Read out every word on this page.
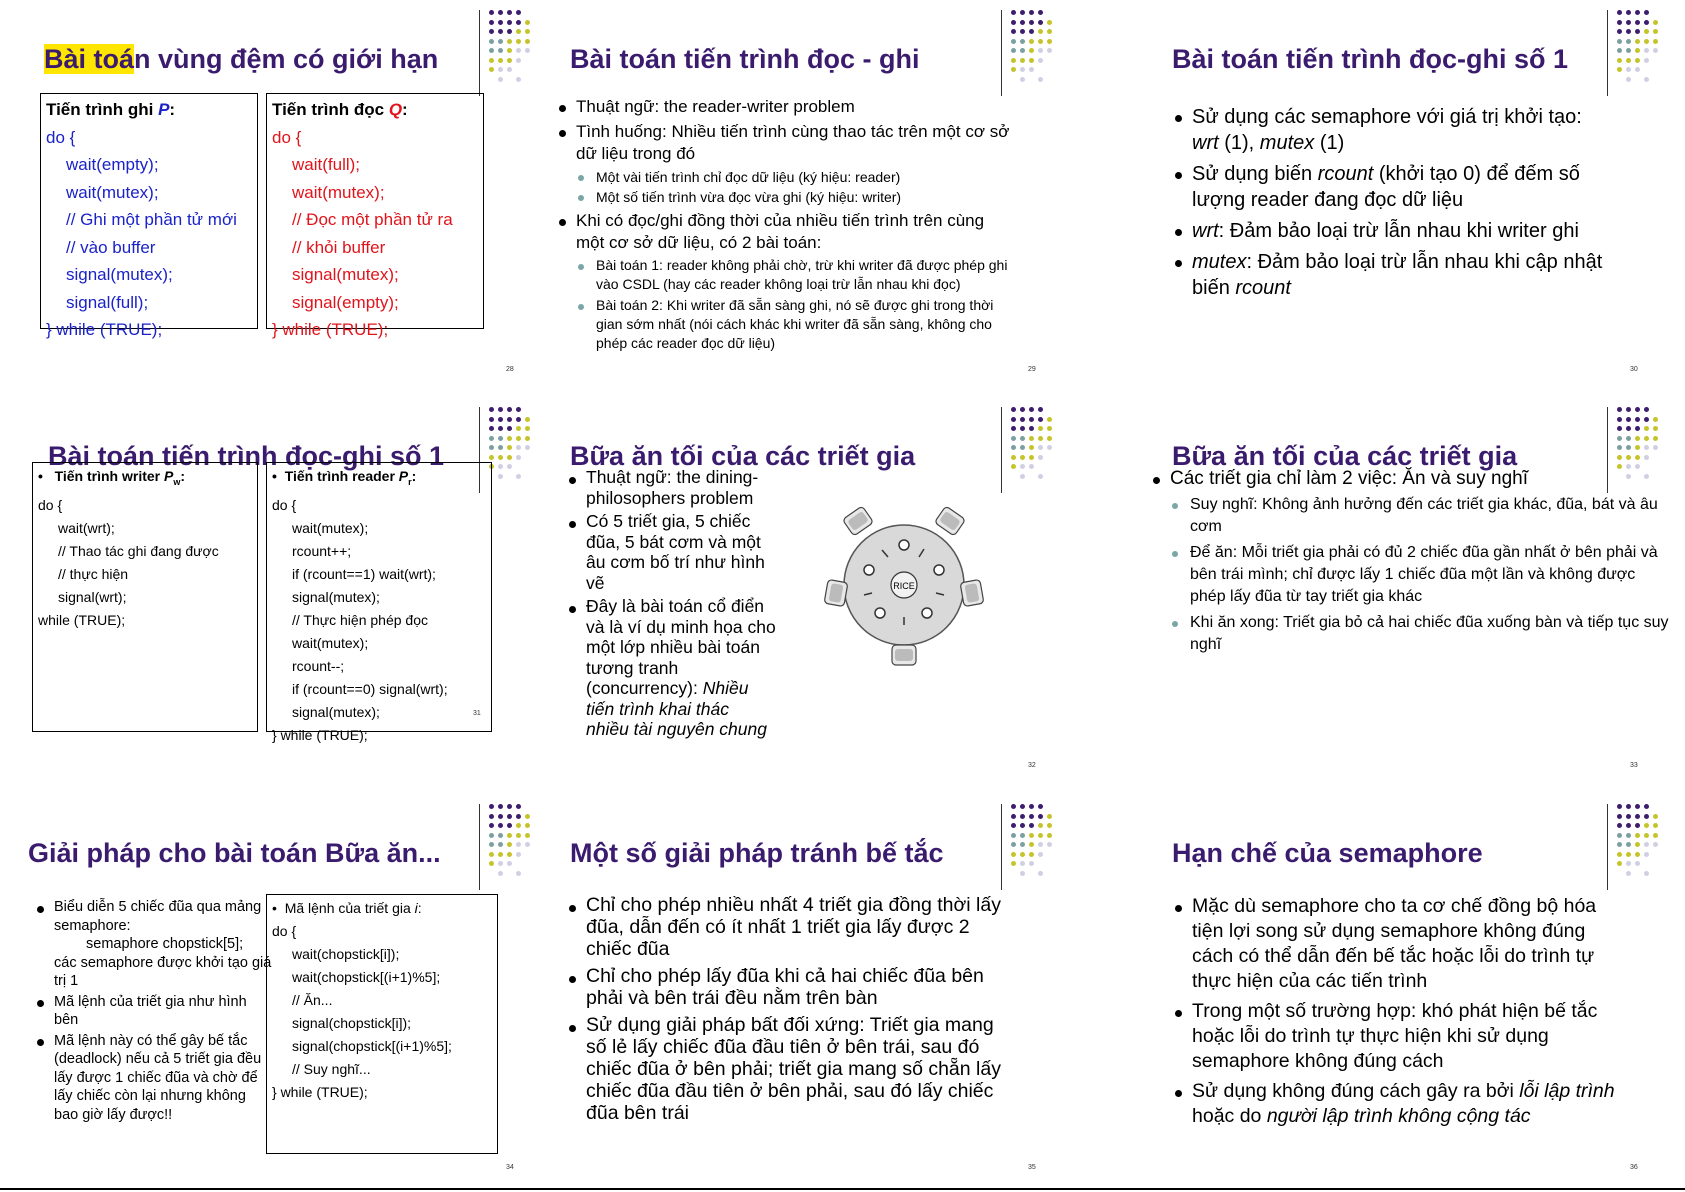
Bài toán vùng đệm có giới hạn
Tiến trình ghi P:
do {
wait(empty);
wait(mutex);
// Ghi một phần tử mới
// vào buffer
signal(mutex);
signal(full);
} while (TRUE);
Tiến trình đọc Q:
do {
wait(full);
wait(mutex);
// Đọc một phần tử ra
// khỏi buffer
signal(mutex);
signal(empty);
} while (TRUE);
28
Bài toán tiến trình đọc - ghi
Thuật ngữ: the reader-writer problem
Tình huống: Nhiều tiến trình cùng thao tác trên một cơ sở dữ liệu trong đó
Một vài tiến trình chỉ đọc dữ liệu (ký hiệu: reader)
Một số tiến trình vừa đọc vừa ghi (ký hiệu: writer)
Khi có đọc/ghi đồng thời của nhiều tiến trình trên cùng một cơ sở dữ liệu, có 2 bài toán:
Bài toán 1: reader không phải chờ, trừ khi writer đã được phép ghi vào CSDL (hay các reader không loại trừ lẫn nhau khi đọc)
Bài toán 2: Khi writer đã sẵn sàng ghi, nó sẽ được ghi trong thời gian sớm nhất (nói cách khác khi writer đã sẵn sàng, không cho phép các reader đọc dữ liệu)
29
Bài toán tiến trình đọc-ghi số 1
Sử dụng các semaphore với giá trị khởi tạo: wrt (1), mutex (1)
Sử dụng biến rcount (khởi tạo 0) để đếm số lượng reader đang đọc dữ liệu
wrt: Đảm bảo loại trừ lẫn nhau khi writer ghi
mutex: Đảm bảo loại trừ lẫn nhau khi cập nhật biến rcount
30
Bài toán tiến trình đọc-ghi số 1
•   Tiến trình writer $P_w$:
do {
wait(wrt);
// Thao tác ghi đang được
// thực hiện
signal(wrt);
while (TRUE);
•  Tiến trình reader $P_r$:
do {
wait(mutex);
rcount++;
if (rcount==1) wait(wrt);
signal(mutex);
// Thực hiện phép đọc
wait(mutex);
rcount--;
if (rcount==0) signal(wrt);
signal(mutex);
} while (TRUE);
31
Bữa ăn tối của các triết gia
Thuật ngữ: the dining-philosophers problem
Có 5 triết gia, 5 chiếc đũa, 5 bát cơm và một âu cơm bố trí như hình vẽ
Đây là bài toán cổ điển và là ví dụ minh họa cho một lớp nhiều bài toán tương tranh (concurrency): Nhiều tiến trình khai thác nhiều tài nguyên chung
RICE
32
Bữa ăn tối của các triết gia
Các triết gia chỉ làm 2 việc: Ăn và suy nghĩ
Suy nghĩ: Không ảnh hưởng đến các triết gia khác, đũa, bát và âu cơm
Để ăn: Mỗi triết gia phải có đủ 2 chiếc đũa gần nhất ở bên phải và bên trái mình; chỉ được lấy 1 chiếc đũa một lần và không được phép lấy đũa từ tay triết gia khác
Khi ăn xong: Triết gia bỏ cả hai chiếc đũa xuống bàn và tiếp tục suy nghĩ
33
Giải pháp cho bài toán Bữa ăn...
Biểu diễn 5 chiếc đũa qua mảng semaphore:
semaphore chopstick[5];
các semaphore được khởi tạo giá trị 1
Mã lệnh của triết gia như hình bên
Mã lệnh này có thể gây bế tắc (deadlock) nếu cả 5 triết gia đều lấy được 1 chiếc đũa và chờ để lấy chiếc còn lại nhưng không bao giờ lấy được!!
•  Mã lệnh của triết gia i:
do {
wait(chopstick[i]);
wait(chopstick[(i+1)%5];
// Ăn...
signal(chopstick[i]);
signal(chopstick[(i+1)%5];
// Suy nghĩ...
} while (TRUE);
34
Một số giải pháp tránh bế tắc
Chỉ cho phép nhiều nhất 4 triết gia đồng thời lấy đũa, dẫn đến có ít nhất 1 triết gia lấy được 2 chiếc đũa
Chỉ cho phép lấy đũa khi cả hai chiếc đũa bên phải và bên trái đều nằm trên bàn
Sử dụng giải pháp bất đối xứng: Triết gia mang số lẻ lấy chiếc đũa đầu tiên ở bên trái, sau đó chiếc đũa ở bên phải; triết gia mang số chẵn lấy chiếc đũa đầu tiên ở bên phải, sau đó lấy chiếc đũa bên trái
35
Hạn chế của semaphore
Mặc dù semaphore cho ta cơ chế đồng bộ hóa tiện lợi song sử dụng semaphore không đúng cách có thể dẫn đến bế tắc hoặc lỗi do trình tự thực hiện của các tiến trình
Trong một số trường hợp: khó phát hiện bế tắc hoặc lỗi do trình tự thực hiện khi sử dụng semaphore không đúng cách
Sử dụng không đúng cách gây ra bởi lỗi lập trình hoặc do người lập trình không cộng tác
36
